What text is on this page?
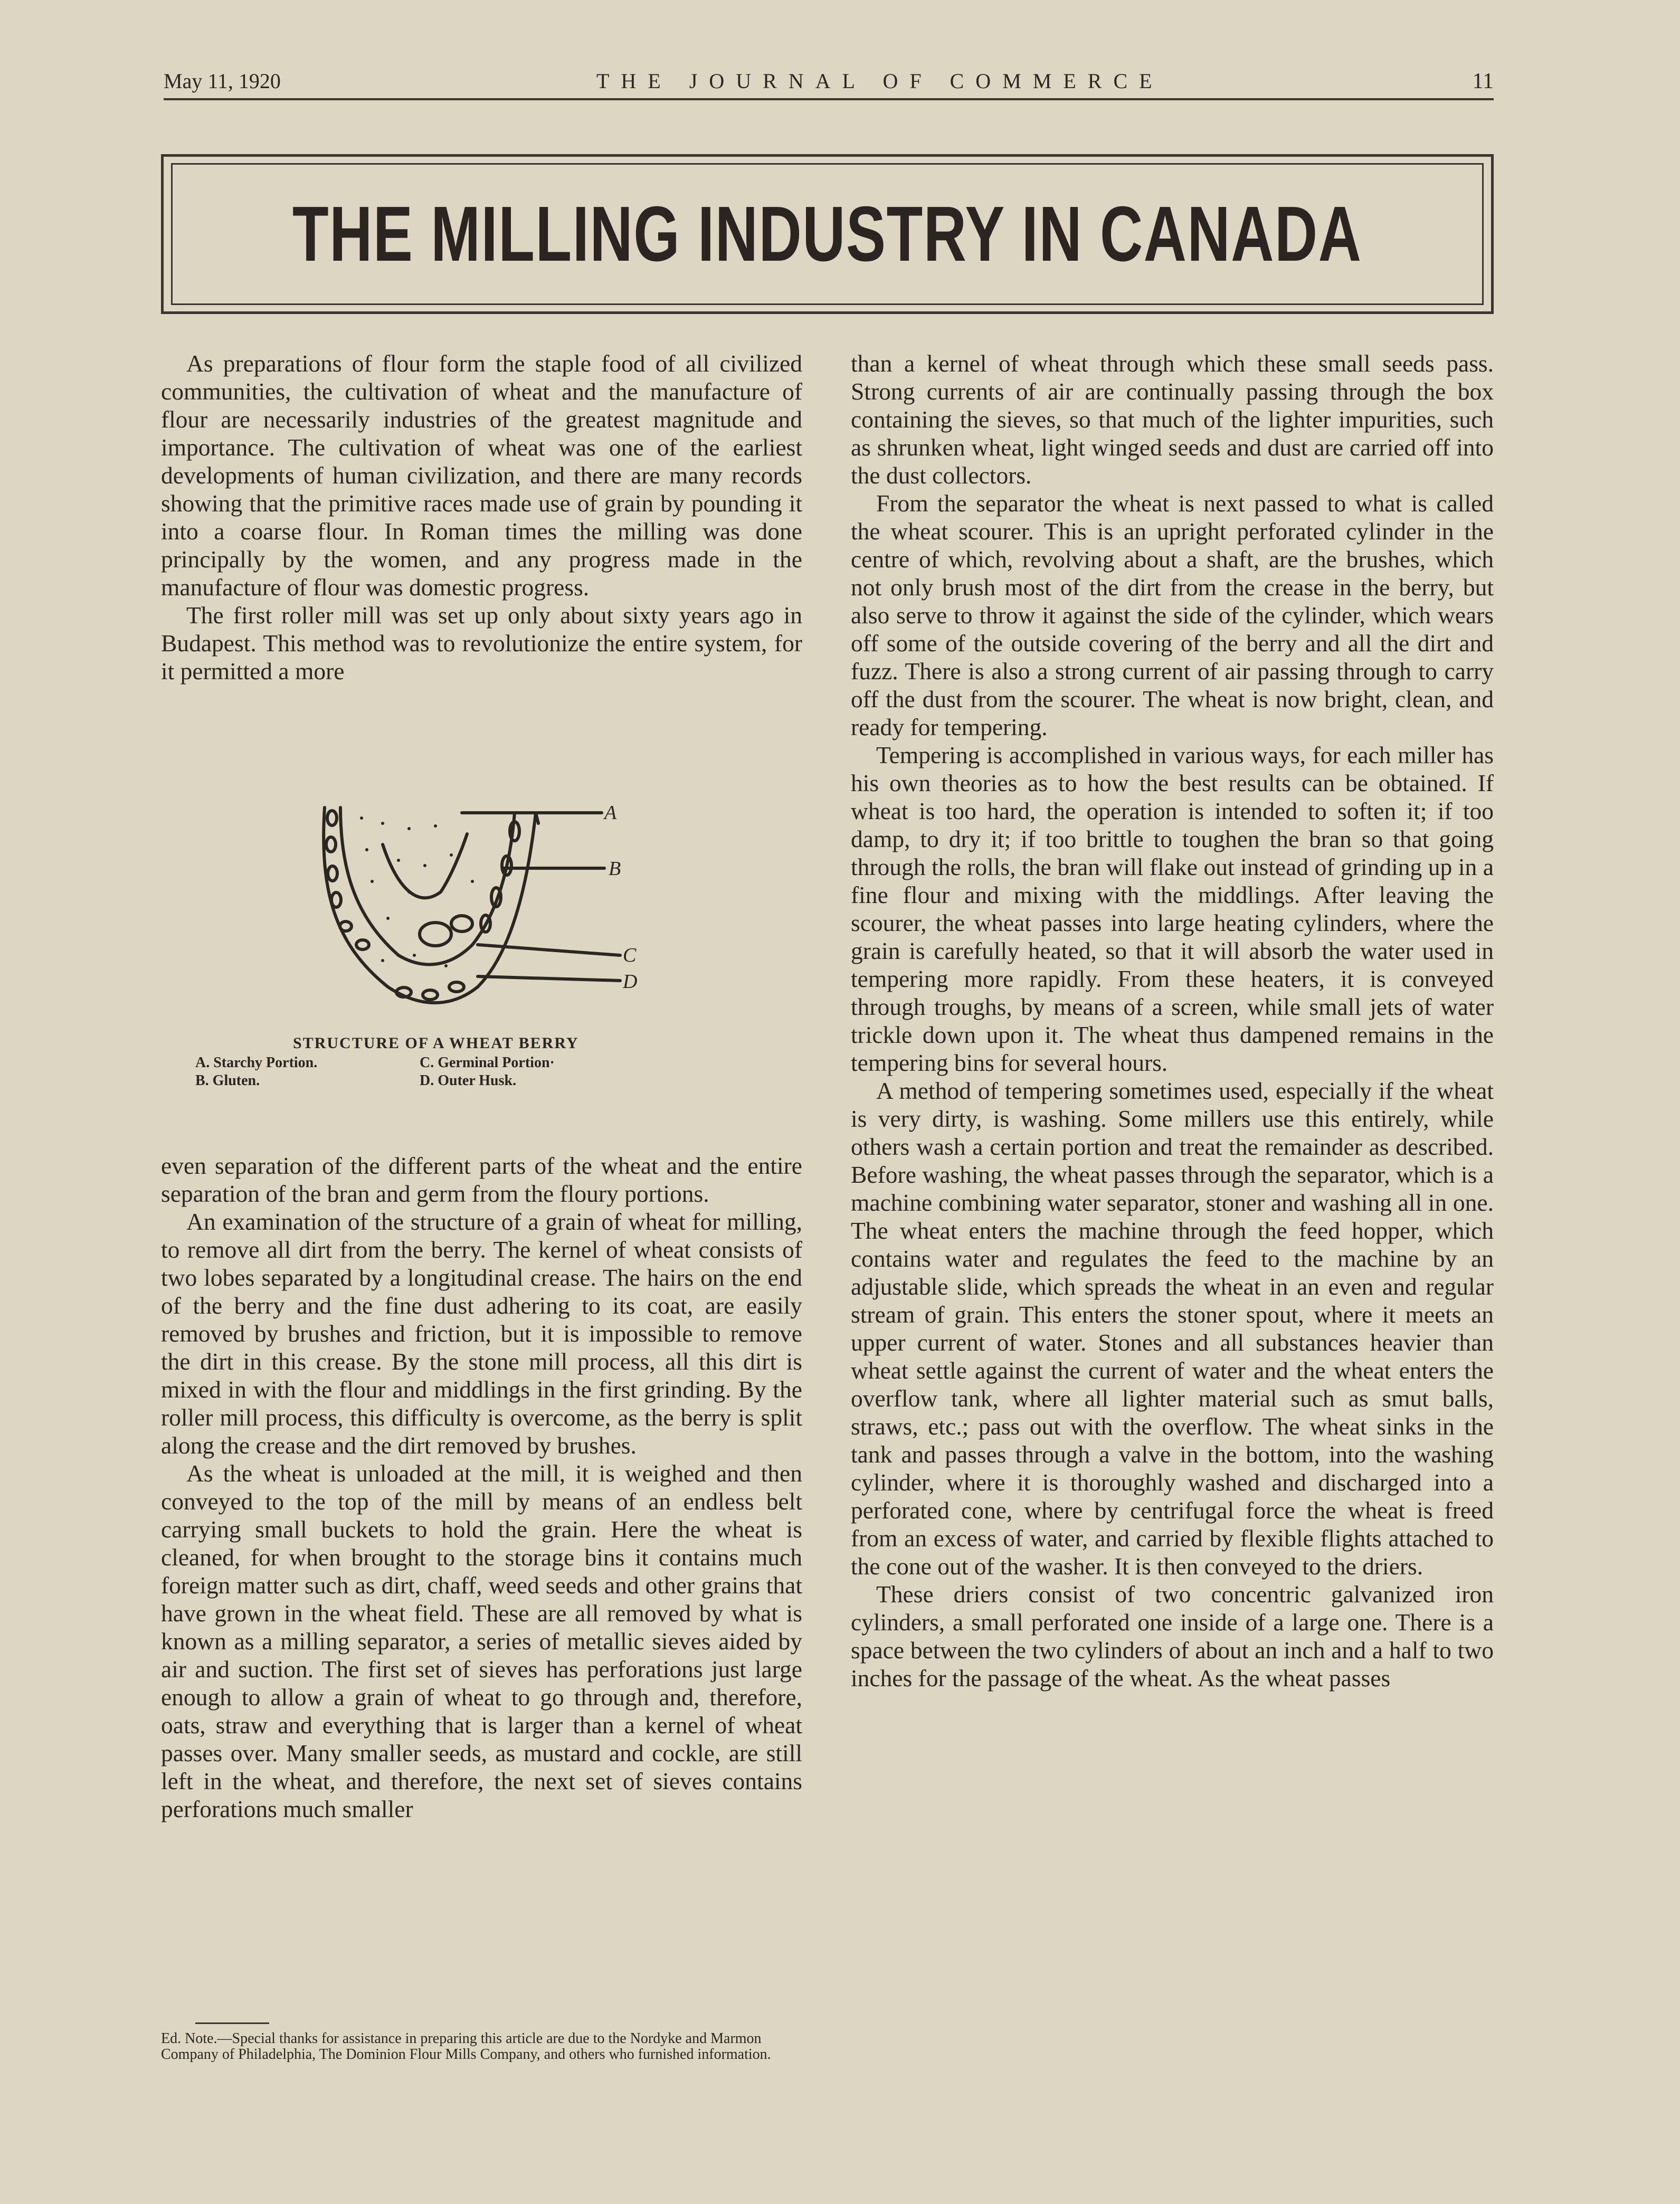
May 11, 1920	THE JOURNAL OF COMMERCE	11
THE MILLING INDUSTRY IN CANADA

As preparations of flour form the staple food of all civilized communities, the cultivation of wheat and the manufacture of flour are necessarily industries of the greatest magnitude and importance. The cultivation of wheat was one of the earliest developments of human civilization, and there are many records showing that the primitive races made use of grain by pounding it into a coarse flour. In Roman times the milling was done principally by the women, and any progress made in the manufacture of flour was domestic progress.

The first roller mill was set up only about sixty years ago in Budapest. This method was to revolutionize the entire system, for it permitted a more

A
B
C
D
STRUCTURE OF A WHEAT BERRY
A. Starchy Portion.
B. Gluten.
C. Germinal Portion·
D. Outer Husk.

even separation of the different parts of the wheat and the entire separation of the bran and germ from the floury portions.

An examination of the structure of a grain of wheat for milling, to remove all dirt from the berry. The kernel of wheat consists of two lobes separated by a longitudinal crease. The hairs on the end of the berry and the fine dust adhering to its coat, are easily removed by brushes and friction, but it is impossible to remove the dirt in this crease. By the stone mill process, all this dirt is mixed in with the flour and middlings in the first grinding. By the roller mill process, this difficulty is overcome, as the berry is split along the crease and the dirt removed by brushes.

As the wheat is unloaded at the mill, it is weighed and then conveyed to the top of the mill by means of an endless belt carrying small buckets to hold the grain. Here the wheat is cleaned, for when brought to the storage bins it contains much foreign matter such as dirt, chaff, weed seeds and other grains that have grown in the wheat field. These are all removed by what is known as a milling separator, a series of metallic sieves aided by air and suction. The first set of sieves has perforations just large enough to allow a grain of wheat to go through and, therefore, oats, straw and everything that is larger than a kernel of wheat passes over. Many smaller seeds, as mustard and cockle, are still left in the wheat, and therefore, the next set of sieves contains perforations much smaller

than a kernel of wheat through which these small seeds pass. Strong currents of air are continually passing through the box containing the sieves, so that much of the lighter impurities, such as shrunken wheat, light winged seeds and dust are carried off into the dust collectors.

From the separator the wheat is next passed to what is called the wheat scourer. This is an upright perforated cylinder in the centre of which, revolving about a shaft, are the brushes, which not only brush most of the dirt from the crease in the berry, but also serve to throw it against the side of the cylinder, which wears off some of the outside covering of the berry and all the dirt and fuzz. There is also a strong current of air passing through to carry off the dust from the scourer. The wheat is now bright, clean, and ready for tempering.

Tempering is accomplished in various ways, for each miller has his own theories as to how the best results can be obtained. If wheat is too hard, the operation is intended to soften it; if too damp, to dry it; if too brittle to toughen the bran so that going through the rolls, the bran will flake out instead of grinding up in a fine flour and mixing with the middlings. After leaving the scourer, the wheat passes into large heating cylinders, where the grain is carefully heated, so that it will absorb the water used in tempering more rapidly. From these heaters, it is conveyed through troughs, by means of a screen, while small jets of water trickle down upon it. The wheat thus dampened remains in the tempering bins for several hours.

A method of tempering sometimes used, especially if the wheat is very dirty, is washing. Some millers use this entirely, while others wash a certain portion and treat the remainder as described. Before washing, the wheat passes through the separator, which is a machine combining water separator, stoner and washing all in one. The wheat enters the machine through the feed hopper, which contains water and regulates the feed to the machine by an adjustable slide, which spreads the wheat in an even and regular stream of grain. This enters the stoner spout, where it meets an upper current of water. Stones and all substances heavier than wheat settle against the current of water and the wheat enters the overflow tank, where all lighter material such as smut balls, straws, etc.; pass out with the overflow. The wheat sinks in the tank and passes through a valve in the bottom, into the washing cylinder, where it is thoroughly washed and discharged into a perforated cone, where by centrifugal force the wheat is freed from an excess of water, and carried by flexible flights attached to the cone out of the washer. It is then conveyed to the driers.

These driers consist of two concentric galvanized iron cylinders, a small perforated one inside of a large one. There is a space between the two cylinders of about an inch and a half to two inches for the passage of the wheat. As the wheat passes

Ed. Note.—Special thanks for assistance in preparing this article are due to the Nordyke and Marmon Company of Philadelphia, The Dominion Flour Mills Company, and others who furnished information.
